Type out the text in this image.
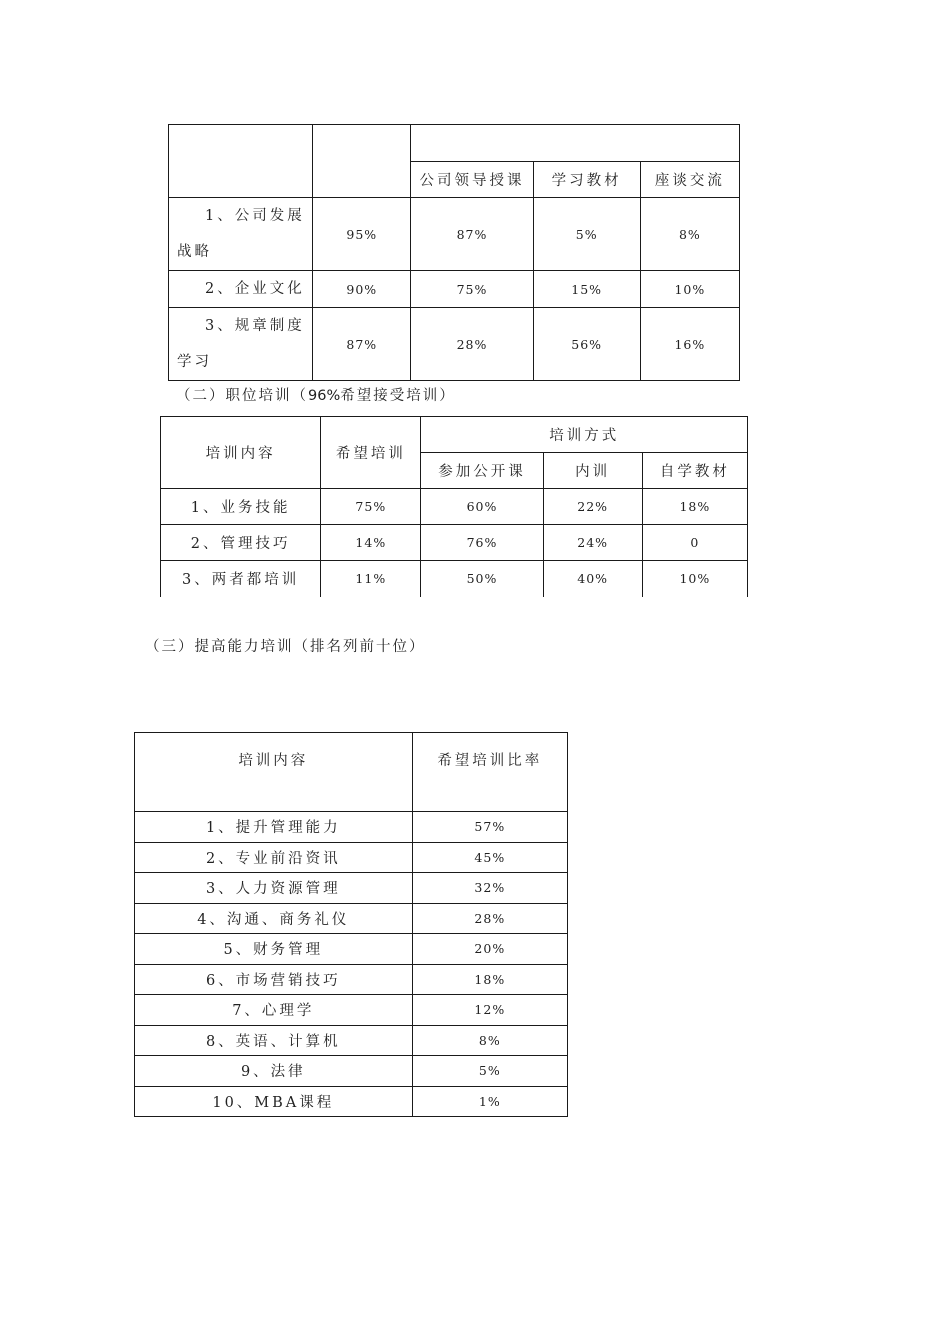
		公司领导授课	学习教材	座谈交流

1、公司发展
战略	95%	87%	5%	8%

2、企业文化	90%	75%	15%	10%

3、规章制度
学习	87%	28%	56%	16%
（二）职位培训（96%希望接受培训）
培训内容	希望培训	培训方式		
		参加公开课	内训	自学教材
1、业务技能	75%	60%	22%	18%
2、管理技巧	14%	76%	24%	0
3、两者都培训	11%	50%	40%	10%
（三）提高能力培训（排名列前十位）
培训内容	希望培训比率
1、提升管理能力	57%
2、专业前沿资讯	45%
3、人力资源管理	32%
4、沟通、商务礼仪	28%
5、财务管理	20%
6、市场营销技巧	18%
7、心理学	12%
8、英语、计算机	8%
9、法律	5%
10、MBA课程	1%
